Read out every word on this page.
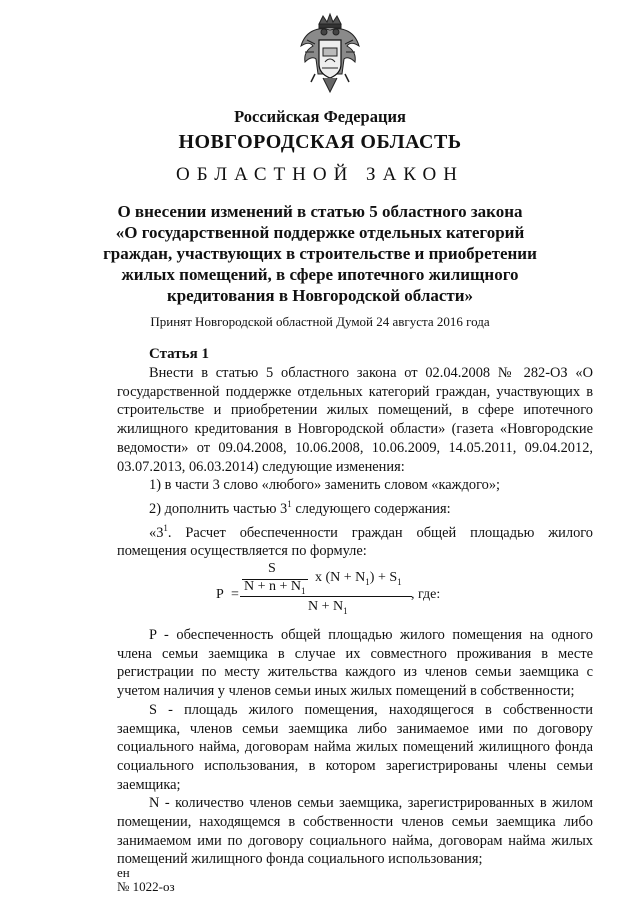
Российская Федерация
НОВГОРОДСКАЯ ОБЛАСТЬ
ОБЛАСТНОЙ ЗАКОН
О внесении изменений в статью 5 областного закона
«О государственной поддержке отдельных категорий
граждан, участвующих в строительстве и приобретении
жилых помещений, в сфере ипотечного жилищного
кредитования в Новгородской области»
Принят Новгородской областной Думой 24 августа 2016 года
Статья 1

Внести в статью 5 областного закона от 02.04.2008 № 282-ОЗ «О государственной поддержке отдельных категорий граждан, участвующих в строительстве и приобретении жилых помещений, в сфере ипотечного жилищного кредитования в Новгородской области» (газета «Новгородские ведомости» от 09.04.2008, 10.06.2008, 10.06.2009, 14.05.2011, 09.04.2012, 03.07.2013, 06.03.2014) следующие изменения:

1) в части 3 слово «любого» заменить словом «каждого»;

2) дополнить частью $3^1$ следующего содержания:

«$3^1$. Расчет обеспеченности граждан общей площадью жилого помещения осуществляется по формуле:

P =
S
$N + n + N_1$
x $(N + N_1) + S_1$
$N + N_1$
, где:

P - обеспеченность общей площадью жилого помещения на одного члена семьи заемщика в случае их совместного проживания в месте регистрации по месту жительства каждого из членов семьи заемщика с учетом наличия у членов семьи иных жилых помещений в собственности;

S - площадь жилого помещения, находящегося в собственности заемщика, членов семьи заемщика либо занимаемое ими по договору социального найма, договорам найма жилых помещений жилищного фонда социального использования, в котором зарегистрированы члены семьи заемщика;

N - количество членов семьи заемщика, зарегистрированных в жилом помещении, находящемся в собственности членов семьи заемщика либо занимаемом ими по договору социального найма, договорам найма жилых помещений жилищного фонда социального использования;

ен
№ 1022-оз
